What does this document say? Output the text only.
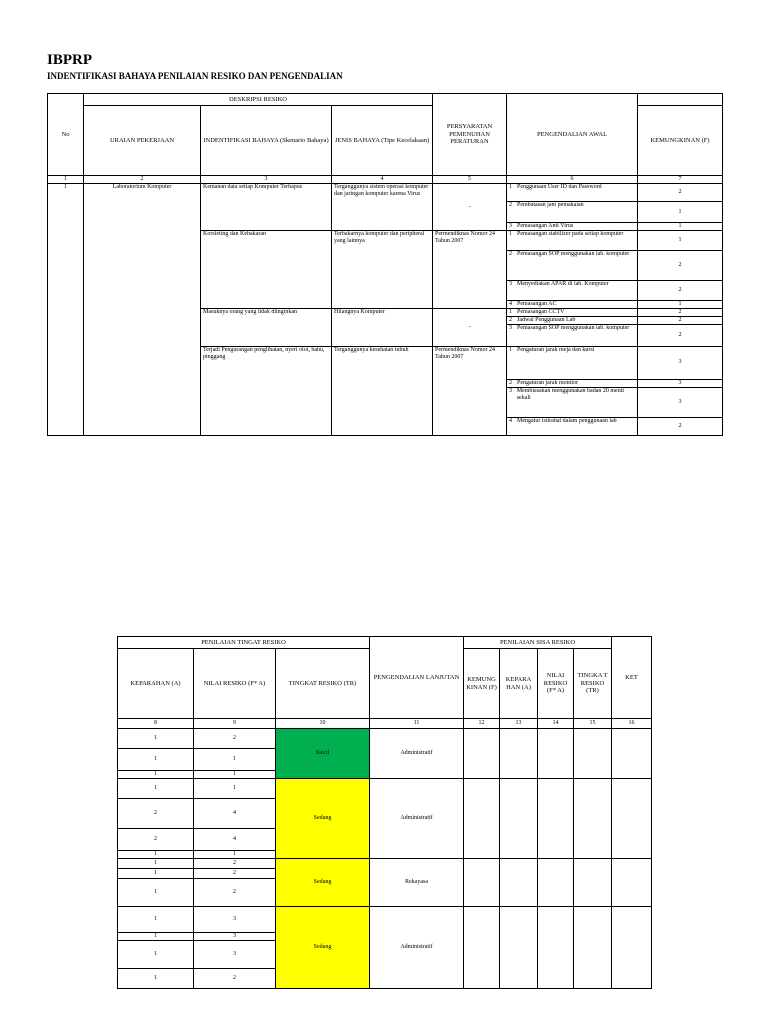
IBPRP
INDENTIFIKASI BAHAYA PENILAIAN RESIKO DAN PENGENDALIAN
No	DESKRIPSI RESIKO			PERSYARATAN PEMENUHAN PERATURAN	PENGENDALIAN AWAL	
	URAIAN PEKERJAAN	INDENTIFIKASI BAHAYA (Skenario Bahaya)	JENIS BAHAYA (Tipe Kecelakaan)			KEMUNGKINAN (F)
1	2	3	4	5	6	7
1	Laboratorium Komputer	Kemanan data setiap Komputer Terhapus	Terganggunya sistem operasi komputer dan jaringan komputer karena Virus	-	1 Penggunaan User ID dan Password	2

					2 Pembatasan jam pemakaian	1

					3 Pemasangan Anti Virus	1
		Korsleting dan Kebakaran	Terbakarnya komputer dan peripheral yang lainnya	Permendiknas Nomor 24 Tahun 2007	1 Pemasangan stabilizer pada setiap komputer	1

					2 Pemasangan SOP menggunakan lab. komputer	2

					3 Menyediakan APAR di lab. Komputer	2

					4 Pemasangan AC	1
		Masuknya orang yang tidak diinginkan	Hilangnya Komputer	-	1 Pemasangan CCTV	2

					2 Jadwal Penggunaan Lab	2

					3 Pemasangan SOP menggunakan lab. komputer	2
		Terjadi Pengurangan penglihatan, nyeri otot, bahu, pinggang	Terganggunya kesehatan tubuh	Permendiknas Nomor 24 Tahun 2007	1 Pengaturan jarak meja dan kursi	3

					2 Pengaturan jarak monitor	3

					3 Membiasakan menggunakan badan 20 menit sekali	3

					4 Mengatur istirahat dalam penggunaan lab	2
PENILAIAN TINGAT RESIKO			PENGENDALIAN LANJUTAN	PENILAIAN SISA RESIKO				KET
KEPARAHAN (A)	NILAI RESIKO (F* A)	TINGKAT RESIKO (TR)		KEMUNG KINAN (F)	KEPARA HAN (A)	NILAI RESIKO (F* A)	TINGKA T RESIKO (TR)	
8	9	10	11	12	13	14	15	16
1	2	Kecil	Administratif					
1	1							
1	1							
1	1	Sedang	Administratif					
2	4							
2	4							
1	1							
1	2	Sedang	Rekayasa					
1	2							
1	2							
1	3	Sedang	Administratif					
1	3							
1	3							
1	2							
